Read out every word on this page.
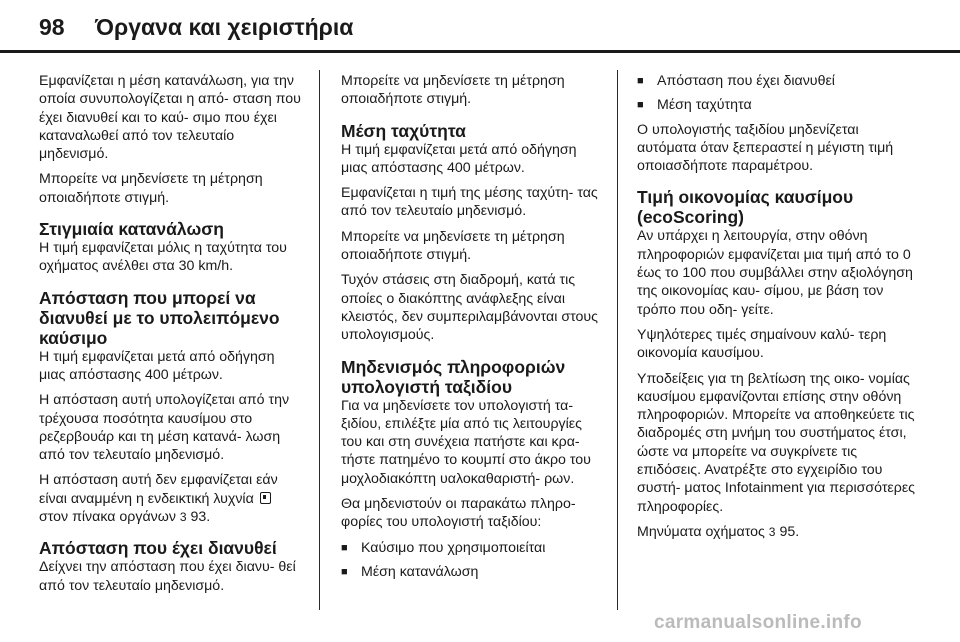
98 Όργανα και χειριστήρια

Εμφανίζεται η μέση κατανάλωση, για την οποία συνυπολογίζεται η από- σταση που έχει διανυθεί και το καύ- σιμο που έχει καταναλωθεί από τον τελευταίο μηδενισμό.

Μπορείτε να μηδενίσετε τη μέτρηση οποιαδήποτε στιγμή.

Στιγμιαία κατανάλωση

Η τιμή εμφανίζεται μόλις η ταχύτητα του οχήματος ανέλθει στα 30 km/h.

Απόσταση που μπορεί να διανυθεί με το υπολειπόμενο καύσιμο

Η τιμή εμφανίζεται μετά από οδήγηση μιας απόστασης 400 μέτρων.

Η απόσταση αυτή υπολογίζεται από την τρέχουσα ποσότητα καυσίμου στο ρεζερβουάρ και τη μέση κατανά- λωση από τον τελευταίο μηδενισμό.

Η απόσταση αυτή δεν εμφανίζεται εάν είναι αναμμένη η ενδεικτική λυχνία  στον πίνακα οργάνων 3 93.

Απόσταση που έχει διανυθεί

Δείχνει την απόσταση που έχει διανυ- θεί από τον τελευταίο μηδενισμό.

Μπορείτε να μηδενίσετε τη μέτρηση οποιαδήποτε στιγμή.

Μέση ταχύτητα

Η τιμή εμφανίζεται μετά από οδήγηση μιας απόστασης 400 μέτρων.

Εμφανίζεται η τιμή της μέσης ταχύτη- τας από τον τελευταίο μηδενισμό.

Μπορείτε να μηδενίσετε τη μέτρηση οποιαδήποτε στιγμή.

Τυχόν στάσεις στη διαδρομή, κατά τις οποίες ο διακόπτης ανάφλεξης είναι κλειστός, δεν συμπεριλαμβάνονται στους υπολογισμούς.

Μηδενισμός πληροφοριών υπολογιστή ταξιδίου

Για να μηδενίσετε τον υπολογιστή τα- ξιδίου, επιλέξτε μία από τις λειτουργίες του και στη συνέχεια πατήστε και κρα- τήστε πατημένο το κουμπί στο άκρο του μοχλοδιακόπτη υαλοκαθαριστή- ρων.

Θα μηδενιστούν οι παρακάτω πληρο- φορίες του υπολογιστή ταξιδίου:

■ Καύσιμο που χρησιμοποιείται
■ Μέση κατανάλωση
■ Απόσταση που έχει διανυθεί
■ Μέση ταχύτητα

Ο υπολογιστής ταξιδίου μηδενίζεται αυτόματα όταν ξεπεραστεί η μέγιστη τιμή οποιασδήποτε παραμέτρου.

Τιμή οικονομίας καυσίμου (ecoScoring)

Αν υπάρχει η λειτουργία, στην οθόνη πληροφοριών εμφανίζεται μια τιμή από το 0 έως το 100 που συμβάλλει στην αξιολόγηση της οικονομίας καυ- σίμου, με βάση τον τρόπο που οδη- γείτε.

Υψηλότερες τιμές σημαίνουν καλύ- τερη οικονομία καυσίμου.

Υποδείξεις για τη βελτίωση της οικο- νομίας καυσίμου εμφανίζονται επίσης στην οθόνη πληροφοριών. Μπορείτε να αποθηκεύετε τις διαδρομές στη μνήμη του συστήματος έτσι, ώστε να μπορείτε να συγκρίνετε τις επιδόσεις. Ανατρέξτε στο εγχειρίδιο του συστή- ματος Infotainment για περισσότερες πληροφορίες.

Μηνύματα οχήματος 3 95.

carmanualsonline.info
